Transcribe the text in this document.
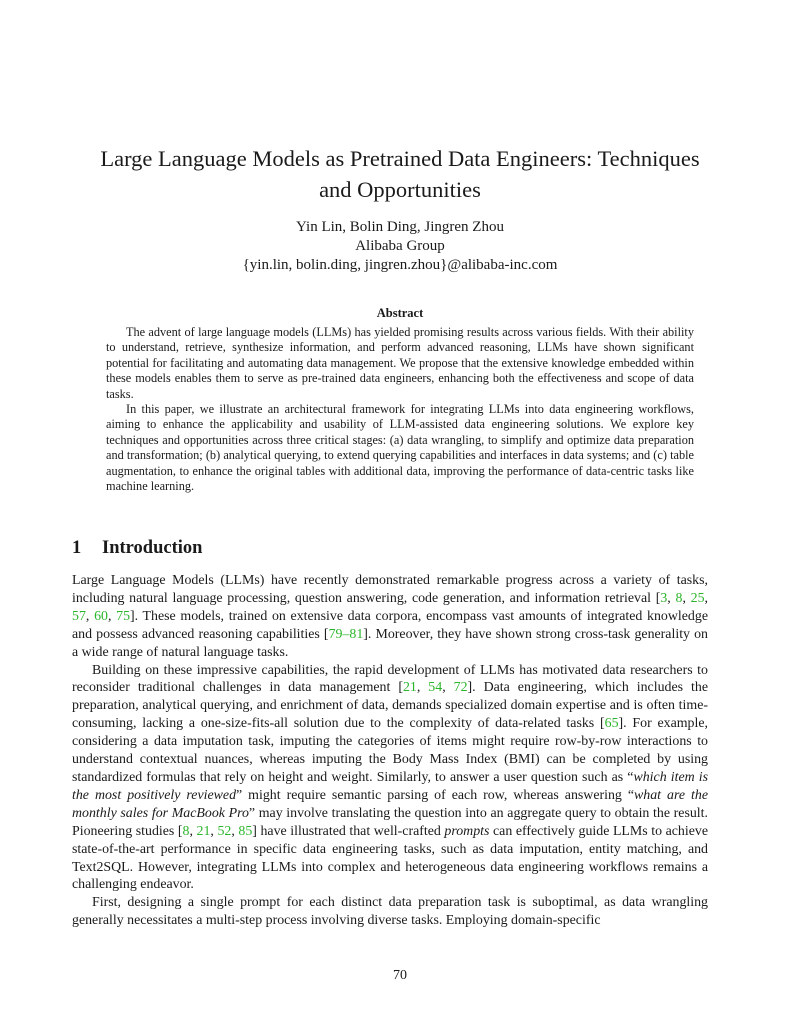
Large Language Models as Pretrained Data Engineers: Techniques
and Opportunities
Yin Lin, Bolin Ding, Jingren Zhou
Alibaba Group
{yin.lin, bolin.ding, jingren.zhou}@alibaba-inc.com
Abstract

The advent of large language models (LLMs) has yielded promising results across various fields. With their ability to understand, retrieve, synthesize information, and perform advanced reasoning, LLMs have shown significant potential for facilitating and automating data management. We propose that the extensive knowledge embedded within these models enables them to serve as pre-trained data engineers, enhancing both the effectiveness and scope of data tasks.

In this paper, we illustrate an architectural framework for integrating LLMs into data engineering workflows, aiming to enhance the applicability and usability of LLM-assisted data engineering solutions. We explore key techniques and opportunities across three critical stages: (a) data wrangling, to simplify and optimize data preparation and transformation; (b) analytical querying, to extend querying capabilities and interfaces in data systems; and (c) table augmentation, to enhance the original tables with additional data, improving the performance of data-centric tasks like machine learning.

1 Introduction

Large Language Models (LLMs) have recently demonstrated remarkable progress across a variety of tasks, including natural language processing, question answering, code generation, and information retrieval [3, 8, 25, 57, 60, 75]. These models, trained on extensive data corpora, encompass vast amounts of integrated knowledge and possess advanced reasoning capabilities [79–81]. Moreover, they have shown strong cross-task generality on a wide range of natural language tasks.

Building on these impressive capabilities, the rapid development of LLMs has motivated data researchers to reconsider traditional challenges in data management [21, 54, 72]. Data engineering, which includes the preparation, analytical querying, and enrichment of data, demands specialized domain expertise and is often time-consuming, lacking a one-size-fits-all solution due to the complexity of data-related tasks [65]. For example, considering a data imputation task, imputing the categories of items might require row-by-row interactions to understand contextual nuances, whereas imputing the Body Mass Index (BMI) can be completed by using standardized formulas that rely on height and weight. Similarly, to answer a user question such as “which item is the most positively reviewed” might require semantic parsing of each row, whereas answering “what are the monthly sales for MacBook Pro” may involve translating the question into an aggregate query to obtain the result. Pioneering studies [8, 21, 52, 85] have illustrated that well-crafted prompts can effectively guide LLMs to achieve state-of-the-art performance in specific data engineering tasks, such as data imputation, entity matching, and Text2SQL. However, integrating LLMs into complex and heterogeneous data engineering workflows remains a challenging endeavor.

First, designing a single prompt for each distinct data preparation task is suboptimal, as data wrangling generally necessitates a multi-step process involving diverse tasks. Employing domain-specific

70
